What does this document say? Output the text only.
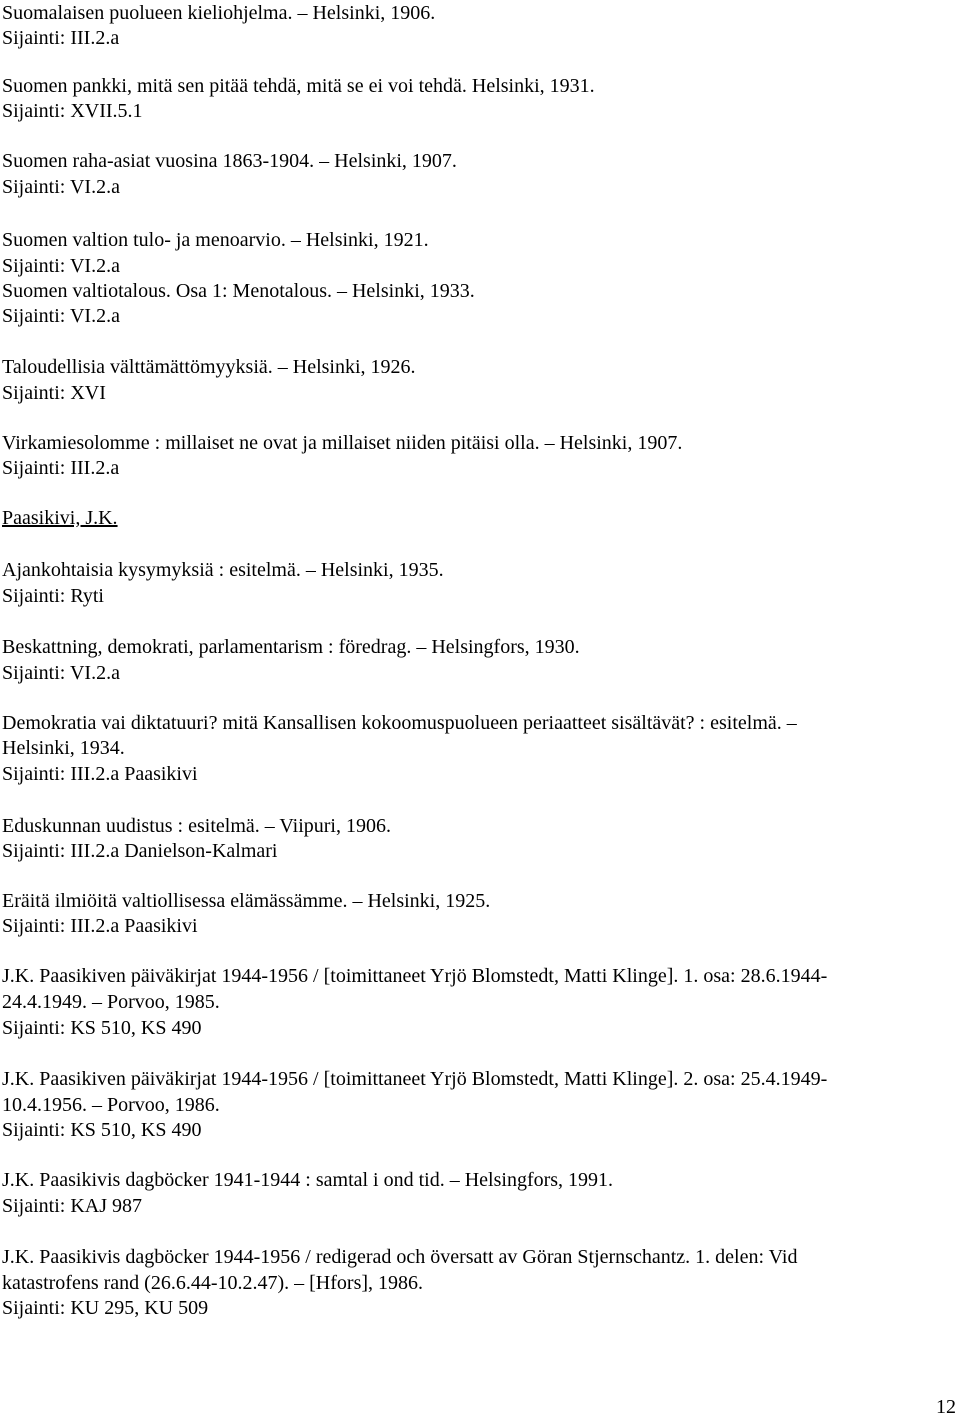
Suomalaisen puolueen kieliohjelma. – Helsinki, 1906.
Sijainti: III.2.a
Suomen pankki, mitä sen pitää tehdä, mitä se ei voi tehdä. Helsinki, 1931.
Sijainti: XVII.5.1
Suomen raha-asiat vuosina 1863-1904. – Helsinki, 1907.
Sijainti: VI.2.a
Suomen valtion tulo- ja menoarvio. – Helsinki, 1921.
Sijainti: VI.2.a
Suomen valtiotalous. Osa 1: Menotalous. – Helsinki, 1933.
Sijainti: VI.2.a
Taloudellisia välttämättömyyksiä. – Helsinki, 1926.
Sijainti: XVI
Virkamiesolomme : millaiset ne ovat ja millaiset niiden pitäisi olla. – Helsinki, 1907.
Sijainti: III.2.a
Paasikivi, J.K.
Ajankohtaisia kysymyksiä : esitelmä. – Helsinki, 1935.
Sijainti: Ryti
Beskattning, demokrati, parlamentarism : föredrag. – Helsingfors, 1930.
Sijainti: VI.2.a
Demokratia vai diktatuuri? mitä Kansallisen kokoomuspuolueen periaatteet sisältävät? : esitelmä. –
Helsinki, 1934.
Sijainti: III.2.a Paasikivi
Eduskunnan uudistus : esitelmä. – Viipuri, 1906.
Sijainti: III.2.a Danielson-Kalmari
Eräitä ilmiöitä valtiollisessa elämässämme. – Helsinki, 1925.
Sijainti: III.2.a Paasikivi
J.K. Paasikiven päiväkirjat 1944-1956 / [toimittaneet Yrjö Blomstedt, Matti Klinge]. 1. osa: 28.6.1944-
24.4.1949. – Porvoo, 1985.
Sijainti: KS 510, KS 490
J.K. Paasikiven päiväkirjat 1944-1956 / [toimittaneet Yrjö Blomstedt, Matti Klinge]. 2. osa: 25.4.1949-
10.4.1956. – Porvoo, 1986.
Sijainti: KS 510, KS 490
J.K. Paasikivis dagböcker 1941-1944 : samtal i ond tid. – Helsingfors, 1991.
Sijainti: KAJ 987
J.K. Paasikivis dagböcker 1944-1956 / redigerad och översatt av Göran Stjernschantz. 1. delen: Vid
katastrofens rand (26.6.44-10.2.47). – [Hfors], 1986.
Sijainti: KU 295, KU 509
12
